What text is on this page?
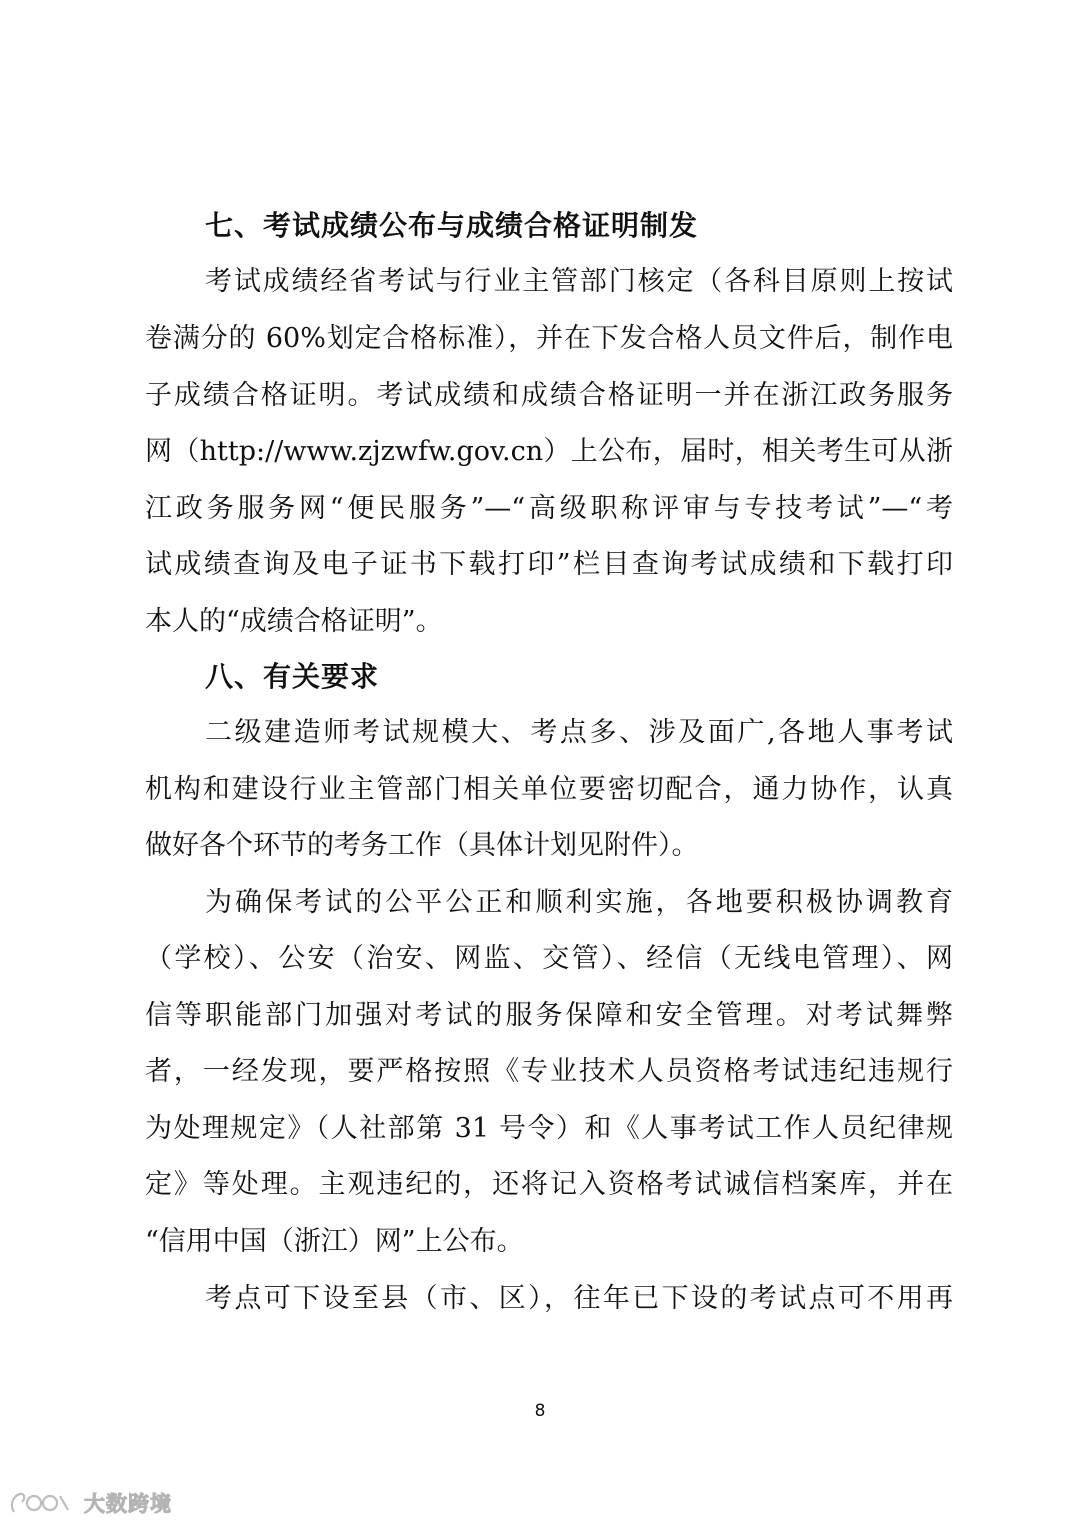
七、考试成绩公布与成绩合格证明制发

考试成绩经省考试与行业主管部门核定（各科目原则上按试

卷满分的 60%划定合格标准），并在下发合格人员文件后，制作电

子成绩合格证明。考试成绩和成绩合格证明一并在浙江政务服务

网（http://www.zjzwfw.gov.cn）上公布，届时，相关考生可从浙

江政务服务网“便民服务”—“高级职称评审与专技考试”—“考

试成绩查询及电子证书下载打印”栏目查询考试成绩和下载打印

本人的“成绩合格证明”。

八、有关要求

二级建造师考试规模大、考点多、涉及面广,各地人事考试

机构和建设行业主管部门相关单位要密切配合，通力协作，认真

做好各个环节的考务工作（具体计划见附件）。

为确保考试的公平公正和顺利实施，各地要积极协调教育

（学校）、公安（治安、网监、交管）、经信（无线电管理）、网

信等职能部门加强对考试的服务保障和安全管理。对考试舞弊

者，一经发现，要严格按照《专业技术人员资格考试违纪违规行

为处理规定》（人社部第 31 号令）和《人事考试工作人员纪律规

定》等处理。主观违纪的，还将记入资格考试诚信档案库，并在

“信用中国（浙江）网”上公布。

考点可下设至县（市、区），往年已下设的考试点可不用再

8
大数跨境
